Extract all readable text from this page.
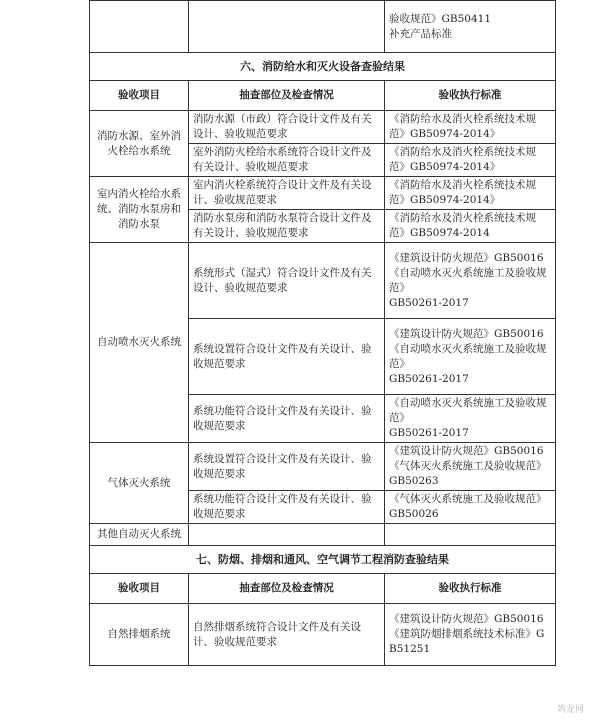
		验收规范》GB50411
补充产品标准

六、消防给水和灭火设备查验结果		
验收项目	抽查部位及检查情况	验收执行标准
消防水源、室外消火栓给水系统	消防水源（市政）符合设计文件及有关设计、验收规范要求	《消防给水及消火栓系统技术规范》GB50974-2014》

	室外消防火栓给水系统符合设计文件及有关设计、验收规范要求	《消防给水及消火栓系统技术规范》GB50974-2014》

室内消火栓给水系统、消防水泵房和消防水泵	室内消火栓系统符合设计文件及有关设计、验收规范要求	《消防给水及消火栓系统技术规范》GB50974-2014》

	消防水泵房和消防水泵符合设计文件及有关设计、验收规范要求	《消防给水及消火栓系统技术规范》GB50974-2014

自动喷水灭火系统	系统形式（湿式）符合设计文件及有关设计、验收规范要求	《建筑设计防火规范》GB50016
《自动喷水灭火系统施工及验收规范》
GB50261-2017

	系统设置符合设计文件及有关设计、验收规范要求	《建筑设计防火规范》GB50016
《自动喷水灭火系统施工及验收规范》
GB50261-2017

	系统功能符合设计文件及有关设计、验收规范要求	《自动喷水灭火系统施工及验收规范》
GB50261-2017

气体灭火系统	系统设置符合设计文件及有关设计、验收规范要求	《建筑设计防火规范》GB50016
《气体灭火系统施工及验收规范》GB50263

	系统功能符合设计文件及有关设计、验收规范要求	《气体灭火系统施工及验收规范》GB50026

其他自动灭火系统		
七、防烟、排烟和通风、空气调节工程消防查验结果		
验收项目	抽查部位及检查情况	验收执行标准
自然排烟系统	自然排烟系统符合设计文件及有关设计、验收规范要求	《建筑设计防火规范》GB50016
《建筑防烟排烟系统技术标准》GB51251
筑龙网
